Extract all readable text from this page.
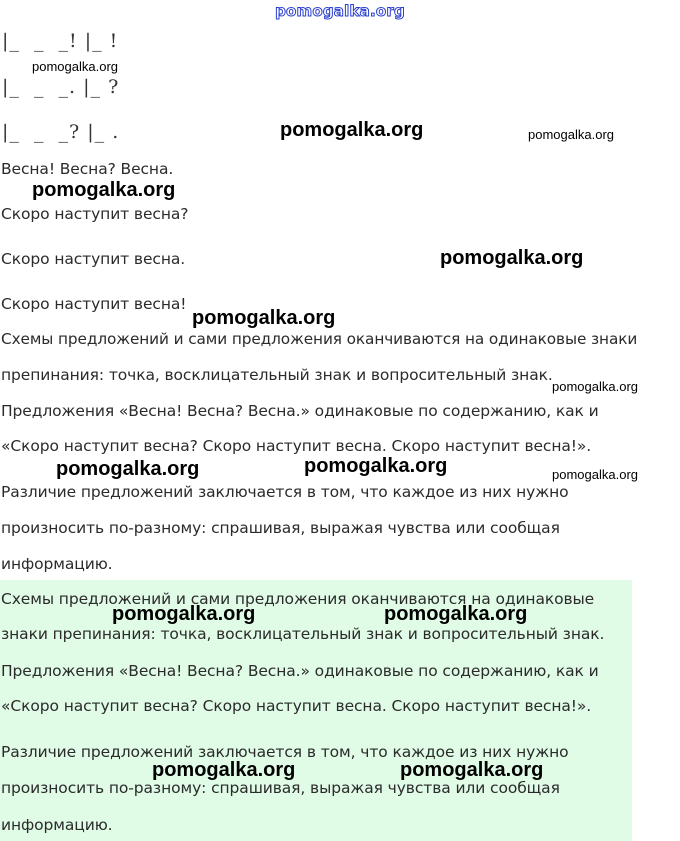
pomogalka.org
|_  _  _! |_ !
|_  _  _. |_ ?
|_  _  _? |_ .
Весна! Весна? Весна.
Скоро наступит весна?
Скоро наступит весна.
Скоро наступит весна!
Схемы предложений и сами предложения оканчиваются на одинаковые знаки
препинания: точка, восклицательный знак и вопросительный знак.
Предложения «Весна! Весна? Весна.» одинаковые по содержанию, как и
«Скоро наступит весна? Скоро наступит весна. Скоро наступит весна!».
Различие предложений заключается в том, что каждое из них нужно
произносить по-разному: спрашивая, выражая чувства или сообщая
информацию.
Схемы предложений и сами предложения оканчиваются на одинаковые
знаки препинания: точка, восклицательный знак и вопросительный знак.
Предложения «Весна! Весна? Весна.» одинаковые по содержанию, как и
«Скоро наступит весна? Скоро наступит весна. Скоро наступит весна!».
Различие предложений заключается в том, что каждое из них нужно
произносить по-разному: спрашивая, выражая чувства или сообщая
информацию.
pomogalka.org
pomogalka.org	pomogalka.org
pomogalka.org
pomogalka.org
pomogalka.org
pomogalka.org
pomogalka.org	pomogalka.org	pomogalka.org
pomogalka.org	pomogalka.org
pomogalka.org	pomogalka.org
